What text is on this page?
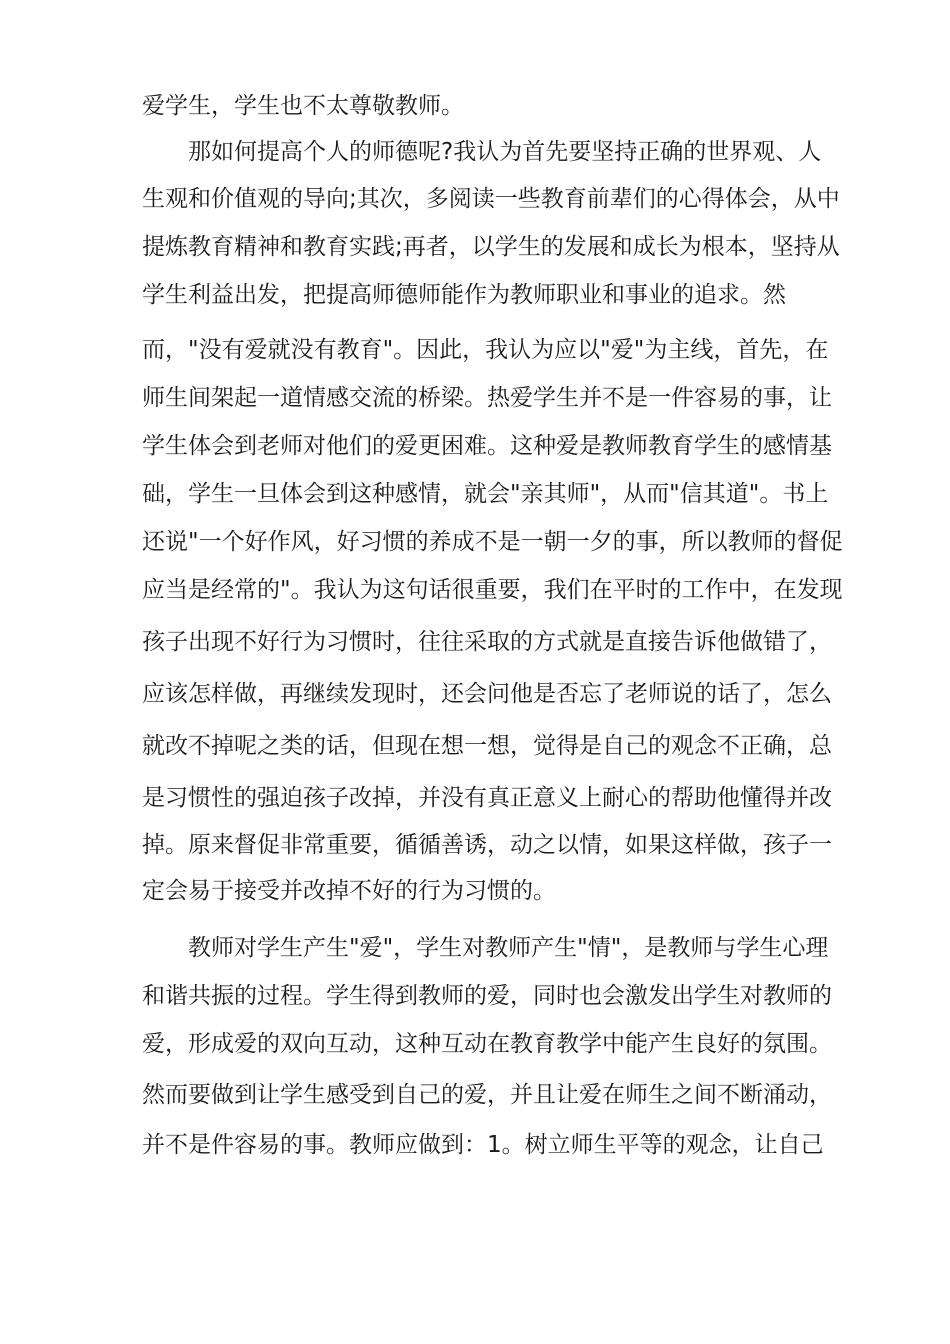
爱学生，学生也不太尊敬教师。
那如何提高个人的师德呢?我认为首先要坚持正确的世界观、人
生观和价值观的导向;其次，多阅读一些教育前辈们的心得体会，从中
提炼教育精神和教育实践;再者，以学生的发展和成长为根本，坚持从
学生利益出发，把提高师德师能作为教师职业和事业的追求。然
而，"没有爱就没有教育"。因此，我认为应以"爱"为主线，首先，在
师生间架起一道情感交流的桥梁。热爱学生并不是一件容易的事，让
学生体会到老师对他们的爱更困难。这种爱是教师教育学生的感情基
础，学生一旦体会到这种感情，就会"亲其师"，从而"信其道"。书上
还说"一个好作风，好习惯的养成不是一朝一夕的事，所以教师的督促
应当是经常的"。我认为这句话很重要，我们在平时的工作中，在发现
孩子出现不好行为习惯时，往往采取的方式就是直接告诉他做错了，
应该怎样做，再继续发现时，还会问他是否忘了老师说的话了，怎么
就改不掉呢之类的话，但现在想一想，觉得是自己的观念不正确，总
是习惯性的强迫孩子改掉，并没有真正意义上耐心的帮助他懂得并改
掉。原来督促非常重要，循循善诱，动之以情，如果这样做，孩子一
定会易于接受并改掉不好的行为习惯的。
教师对学生产生"爱"，学生对教师产生"情"，是教师与学生心理
和谐共振的过程。学生得到教师的爱，同时也会激发出学生对教师的
爱，形成爱的双向互动，这种互动在教育教学中能产生良好的氛围。
然而要做到让学生感受到自己的爱，并且让爱在师生之间不断涌动，
并不是件容易的事。教师应做到：1。树立师生平等的观念，让自己
